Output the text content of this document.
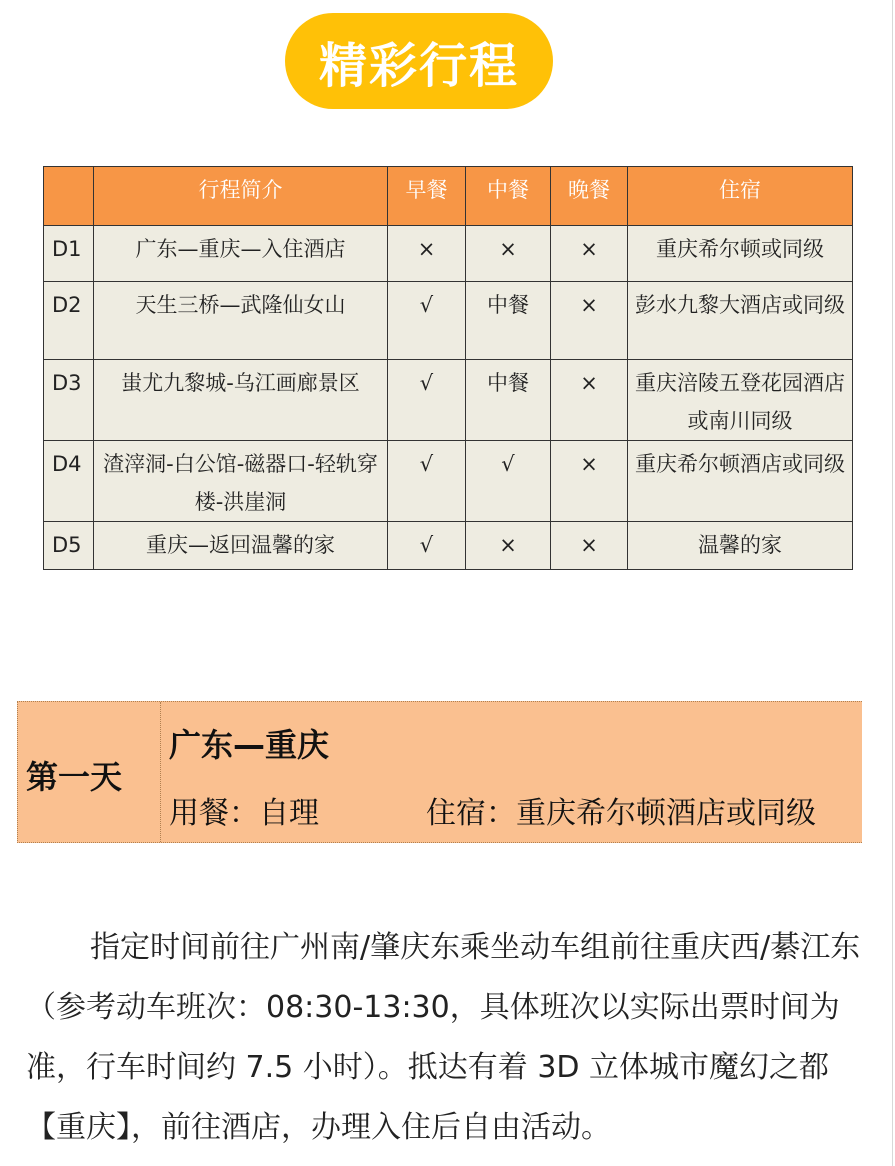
精彩行程
	行程简介	早餐	中餐	晚餐	住宿
D1	广东—重庆—入住酒店	×	×	×	重庆希尔顿或同级
D2	天生三桥—武隆仙女山	√	中餐	×	彭水九黎大酒店或同级
D3	蚩尤九黎城-乌江画廊景区	√	中餐	×	重庆涪陵五登花园酒店或南川同级
D4	渣滓洞-白公馆-磁器口-轻轨穿楼-洪崖洞	√	√	×	重庆希尔顿酒店或同级
D5	重庆—返回温馨的家	√	×	×	温馨的家
第一天
广东—重庆
用餐：自理	住宿：重庆希尔顿酒店或同级

指定时间前往广州南/肇庆东乘坐动车组前往重庆西/綦江东（参考动车班次：08:30-13:30，具体班次以实际出票时间为准，行车时间约 7.5 小时）。抵达有着 3D 立体城市魔幻之都【重庆】，前往酒店，办理入住后自由活动。
